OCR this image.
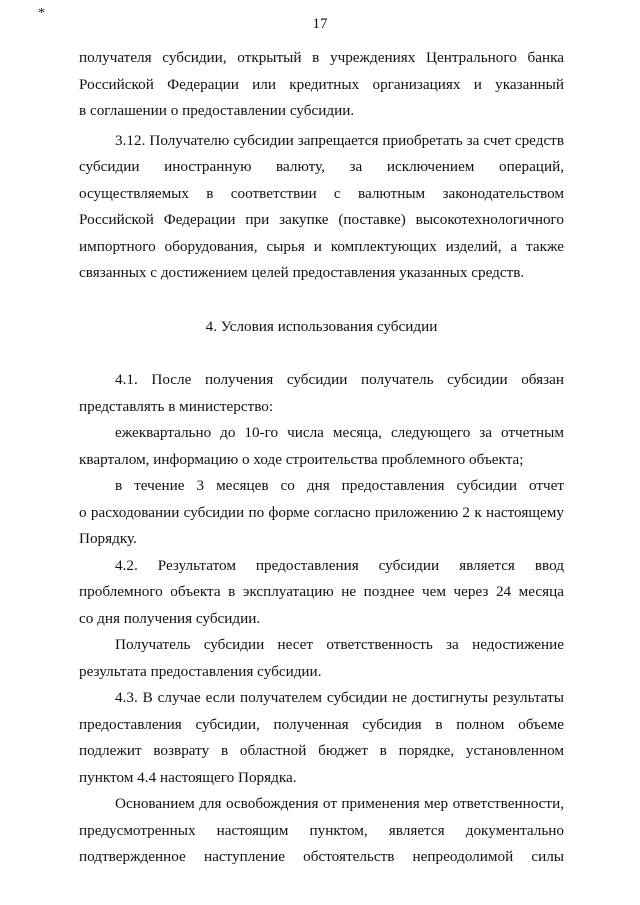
*
17

получателя субсидии, открытый в учреждениях Центрального банка

Российской Федерации или кредитных организациях и указанный

в соглашении о предоставлении субсидии.

3.12. Получателю субсидии запрещается приобретать за счет средств

субсидии иностранную валюту, за исключением операций,

осуществляемых в соответствии с валютным законодательством

Российской Федерации при закупке (поставке) высокотехнологичного

импортного оборудования, сырья и комплектующих изделий, а также

связанных с достижением целей предоставления указанных средств.

4. Условия использования субсидии

4.1. После получения субсидии получатель субсидии обязан

представлять в министерство:

ежеквартально до 10-го числа месяца, следующего за отчетным

кварталом, информацию о ходе строительства проблемного объекта;

в течение 3 месяцев со дня предоставления субсидии отчет

о расходовании субсидии по форме согласно приложению 2 к настоящему

Порядку.

4.2. Результатом предоставления субсидии является ввод

проблемного объекта в эксплуатацию не позднее чем через 24 месяца

со дня получения субсидии.

Получатель субсидии несет ответственность за недостижение

результата предоставления субсидии.

4.3. В случае если получателем субсидии не достигнуты результаты

предоставления субсидии, полученная субсидия в полном объеме

подлежит возврату в областной бюджет в порядке, установленном

пунктом 4.4 настоящего Порядка.

Основанием для освобождения от применения мер ответственности,

предусмотренных настоящим пунктом, является документально

подтвержденное наступление обстоятельств непреодолимой силы
